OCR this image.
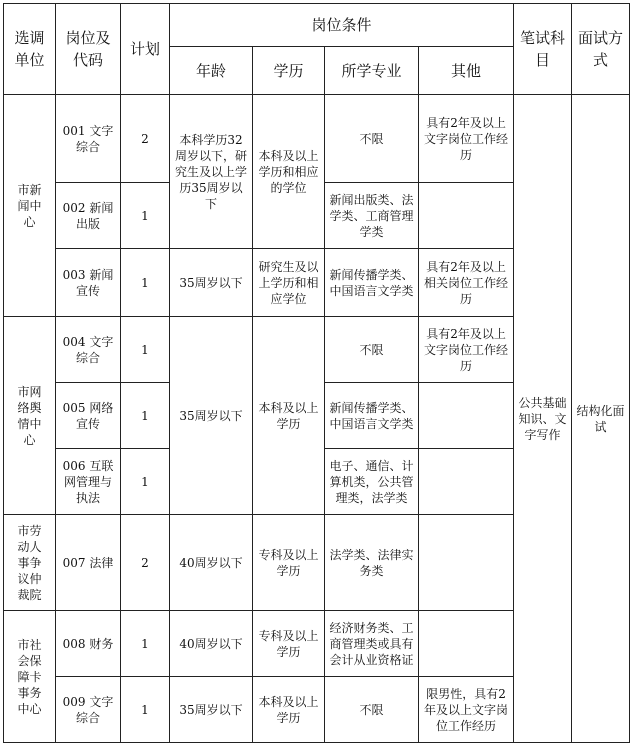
选调单位	岗位及代码	计划	岗位条件				笔试科目	面试方式
			年龄	学历	所学专业	其他		
市新闻中心	001 文字综合	2	本科学历32周岁以下，研究生及以上学历35周岁以下	本科及以上学历和相应的学位	不限	具有2年及以上文字岗位工作经历	公共基础知识、文字写作	结构化面试
	002 新闻出版	1			新闻出版类、法学类、工商管理学类			
	003 新闻宣传	1	35周岁以下	研究生及以上学历和相应学位	新闻传播学类、中国语言文学类	具有2年及以上相关岗位工作经历		
市网络舆情中心	004 文字综合	1	35周岁以下	本科及以上学历	不限	具有2年及以上文字岗位工作经历		
	005 网络宣传	1			新闻传播学类、中国语言文学类			
	006 互联网管理与执法	1			电子、通信、计算机类，公共管理类，法学类			
市劳动人事争议仲裁院	007 法律	2	40周岁以下	专科及以上学历	法学类、法律实务类			
市社会保障卡事务中心	008 财务	1	40周岁以下	专科及以上学历	经济财务类、工商管理类或具有会计从业资格证			
	009 文字综合	1	35周岁以下	本科及以上学历	不限	限男性，具有2年及以上文字岗位工作经历		
